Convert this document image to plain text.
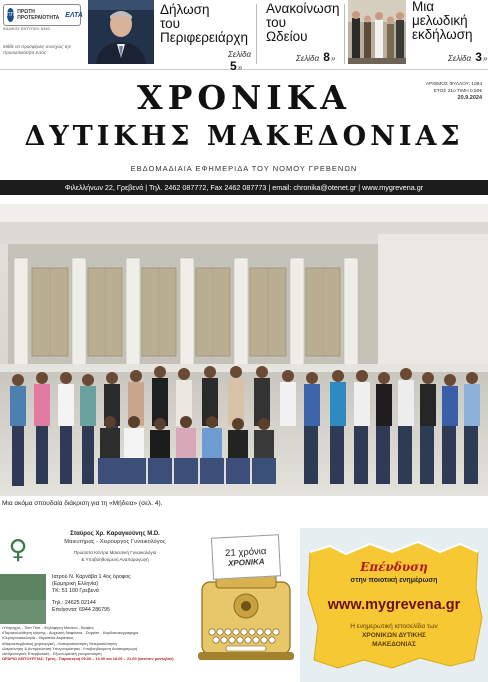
ΠΠ ΠΡΩΤΗ ΠΡΟΤΕΡΑΙΟΤΗΤΑ ΕΛΤΑ
ΚΩΔΙΚΟΣ ΕΝΤΥΠΟΥ: 6463
Μάθε να προσφέρεις συνεχώς την προσωπικότητα εντός
Δήλωση
του
Περιφερειάρχη
Σελίδα 5»
Ανακοίνωση
του
Ωδείου
Σελίδα 8»
Μια
μελωδική
εκδήλωση
Σελίδα 3»
ΧΡΟΝΙΚΑ
ΔΥΤΙΚΗΣ ΜΑΚΕΔΟΝΙΑΣ
ΕΒΔΟΜΑΔΙΑΙΑ ΕΦΗΜΕΡΙΔΑ ΤΟΥ ΝΟΜΟΥ ΓΡΕΒΕΝΩΝ
ΑΡΙΘΜΟΣ ΦΥΛΛΟΥ: 1084
ΕΤΟΣ 21ο ΤΙΜΗ 0,50€
20.9.2024
Φιλελλήνων 22, Γρεβενά | Τηλ. 2462 087772, Fax 2462 087773 | email: chronika@otenet.gr | www.mygrevena.gr
Μια ακόμα σπουδαία διάκριση για τη «Μήδεια» (σελ. 4).
♀
Σταύρος Χρ. Καραγκούνης M.D.
Μαιευτήρας - Χειρουργος Γυναικολόγος
Πρώτιστα Κέντρα Μαιευτική Γυναικολόγια
& Υποβοηθούμενη Αναπαραγωγή
Ιατρού Ν. Καρνάβα 1 4ος όροφος
(Ερμηρική Ελληνία)
ΤΚ: 51 100 Γρεβενά
Τηλ.: 24625 02144
Επείγοντα: 6944 286795
•Υπέρηχος - Τέστ Παπ - Ψηλάφηση Μαστού - Βιοψίες
•Παρακολούθηση κύησης - Αυχενική διαφάνεια - Doppler - Καρδιοτοκογράφημα
•Ουρογυναικολογία - Θεραπεία Ακράτειας
•Μικροεπεμβατική χειρουργική - Λαπαροσκόπηση Υστεροσκόπηση
•Διερεύνηση & Αντιμετώπιση Υπογονιμότητας -Υποβοηθούμενη Αναπαραγωγή
•Ανδρολογικές Επεμβατικές - Εξωσωματική γονιμοποίηση
ΩΡΑΡΙΟ ΛΕΙΤΟΥΡΓΙΑΣ: Τρίτη - Παρασκευή 09.00 – 13.00 και 18.00 – 21.00 (κατόπιν ραντεβού)
21 χρόνια
ΧΡΟΝΙΚΑ	Επένδυση
στην ποιοτική ενημέρωση
www.mygrevena.gr
Η ενημερωτική ιστοσελίδα των
ΧΡΟΝΙΚΩΝ ΔΥΤΙΚΗΣ
ΜΑΚΕΔΟΝΙΑΣ
